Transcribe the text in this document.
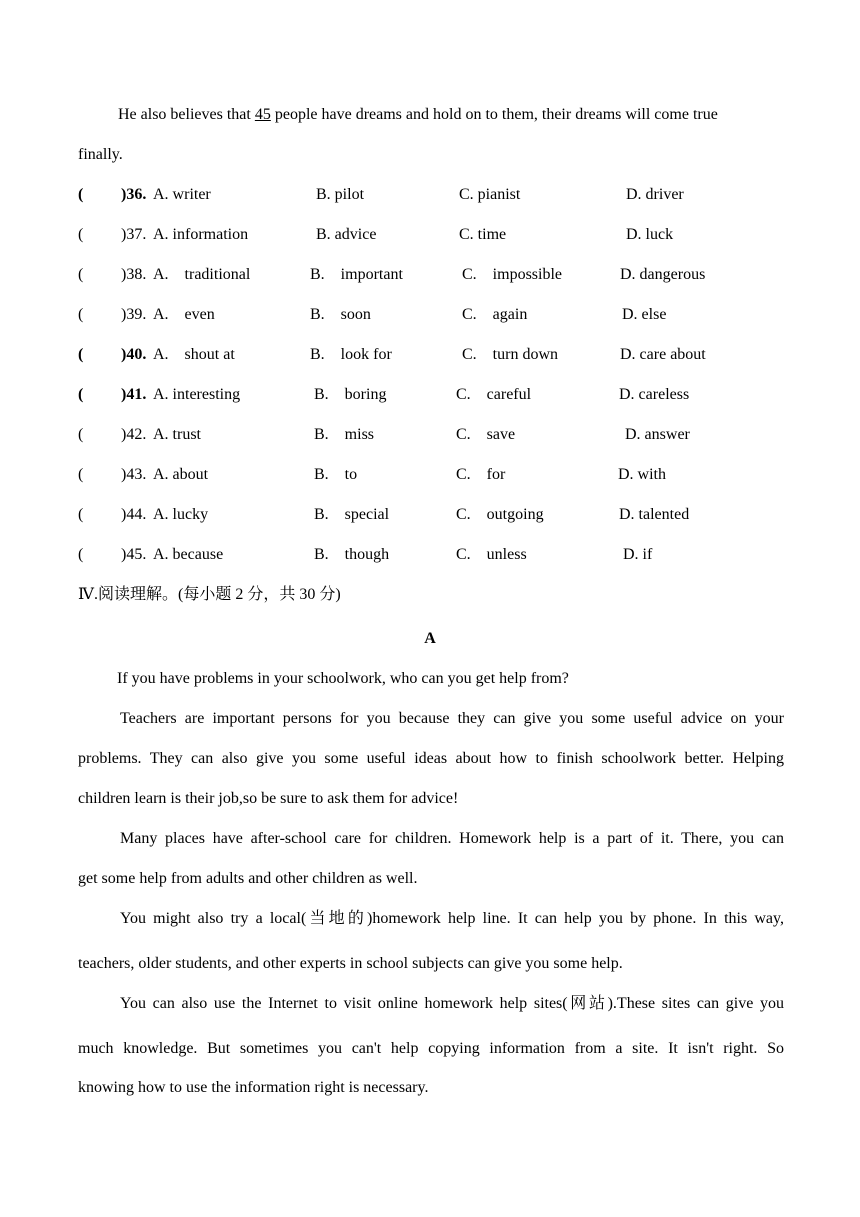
He also believes that 45 people have dreams and hold on to them, their dreams will come true
finally.
( )36. A. writer	B. pilot	C. pianist	D. driver
( )37. A. information	B. advice	C. time	D. luck
( )38. A.    traditional	B.    important	C.    impossible	D. dangerous
( )39. A.    even	B.    soon	C.    again	D. else
( )40. A.    shout at	B.    look for	C.    turn down	D. care about
( )41. A. interesting	B.    boring	C.    careful	D. careless
( )42. A. trust	B.    miss	C.    save	D. answer
( )43. A. about	B.    to	C.    for	D. with
( )44. A. lucky	B.    special	C.    outgoing	D. talented
( )45. A. because	B.    though	C.    unless	D. if
Ⅳ.阅读理解。(每小题 2 分，共 30 分)
A
If you have problems in your schoolwork, who can you get help from?
Teachers are important persons for you because they can give you some useful advice on your
problems. They can also give you some useful ideas about how to finish schoolwork better. Helping
children learn is their job,so be sure to ask them for advice!
Many places have after-school care for children. Homework help is a part of it. There, you can
get some help from adults and other children as well.
You might also try a local(当地的)homework help line. It can help you by phone. In this way,
teachers, older students, and other experts in school subjects can give you some help.
You can also use the Internet to visit online homework help sites(网站).These sites can give you
much knowledge. But sometimes you can't help copying information from a site. It isn't right. So
knowing how to use the information right is necessary.
